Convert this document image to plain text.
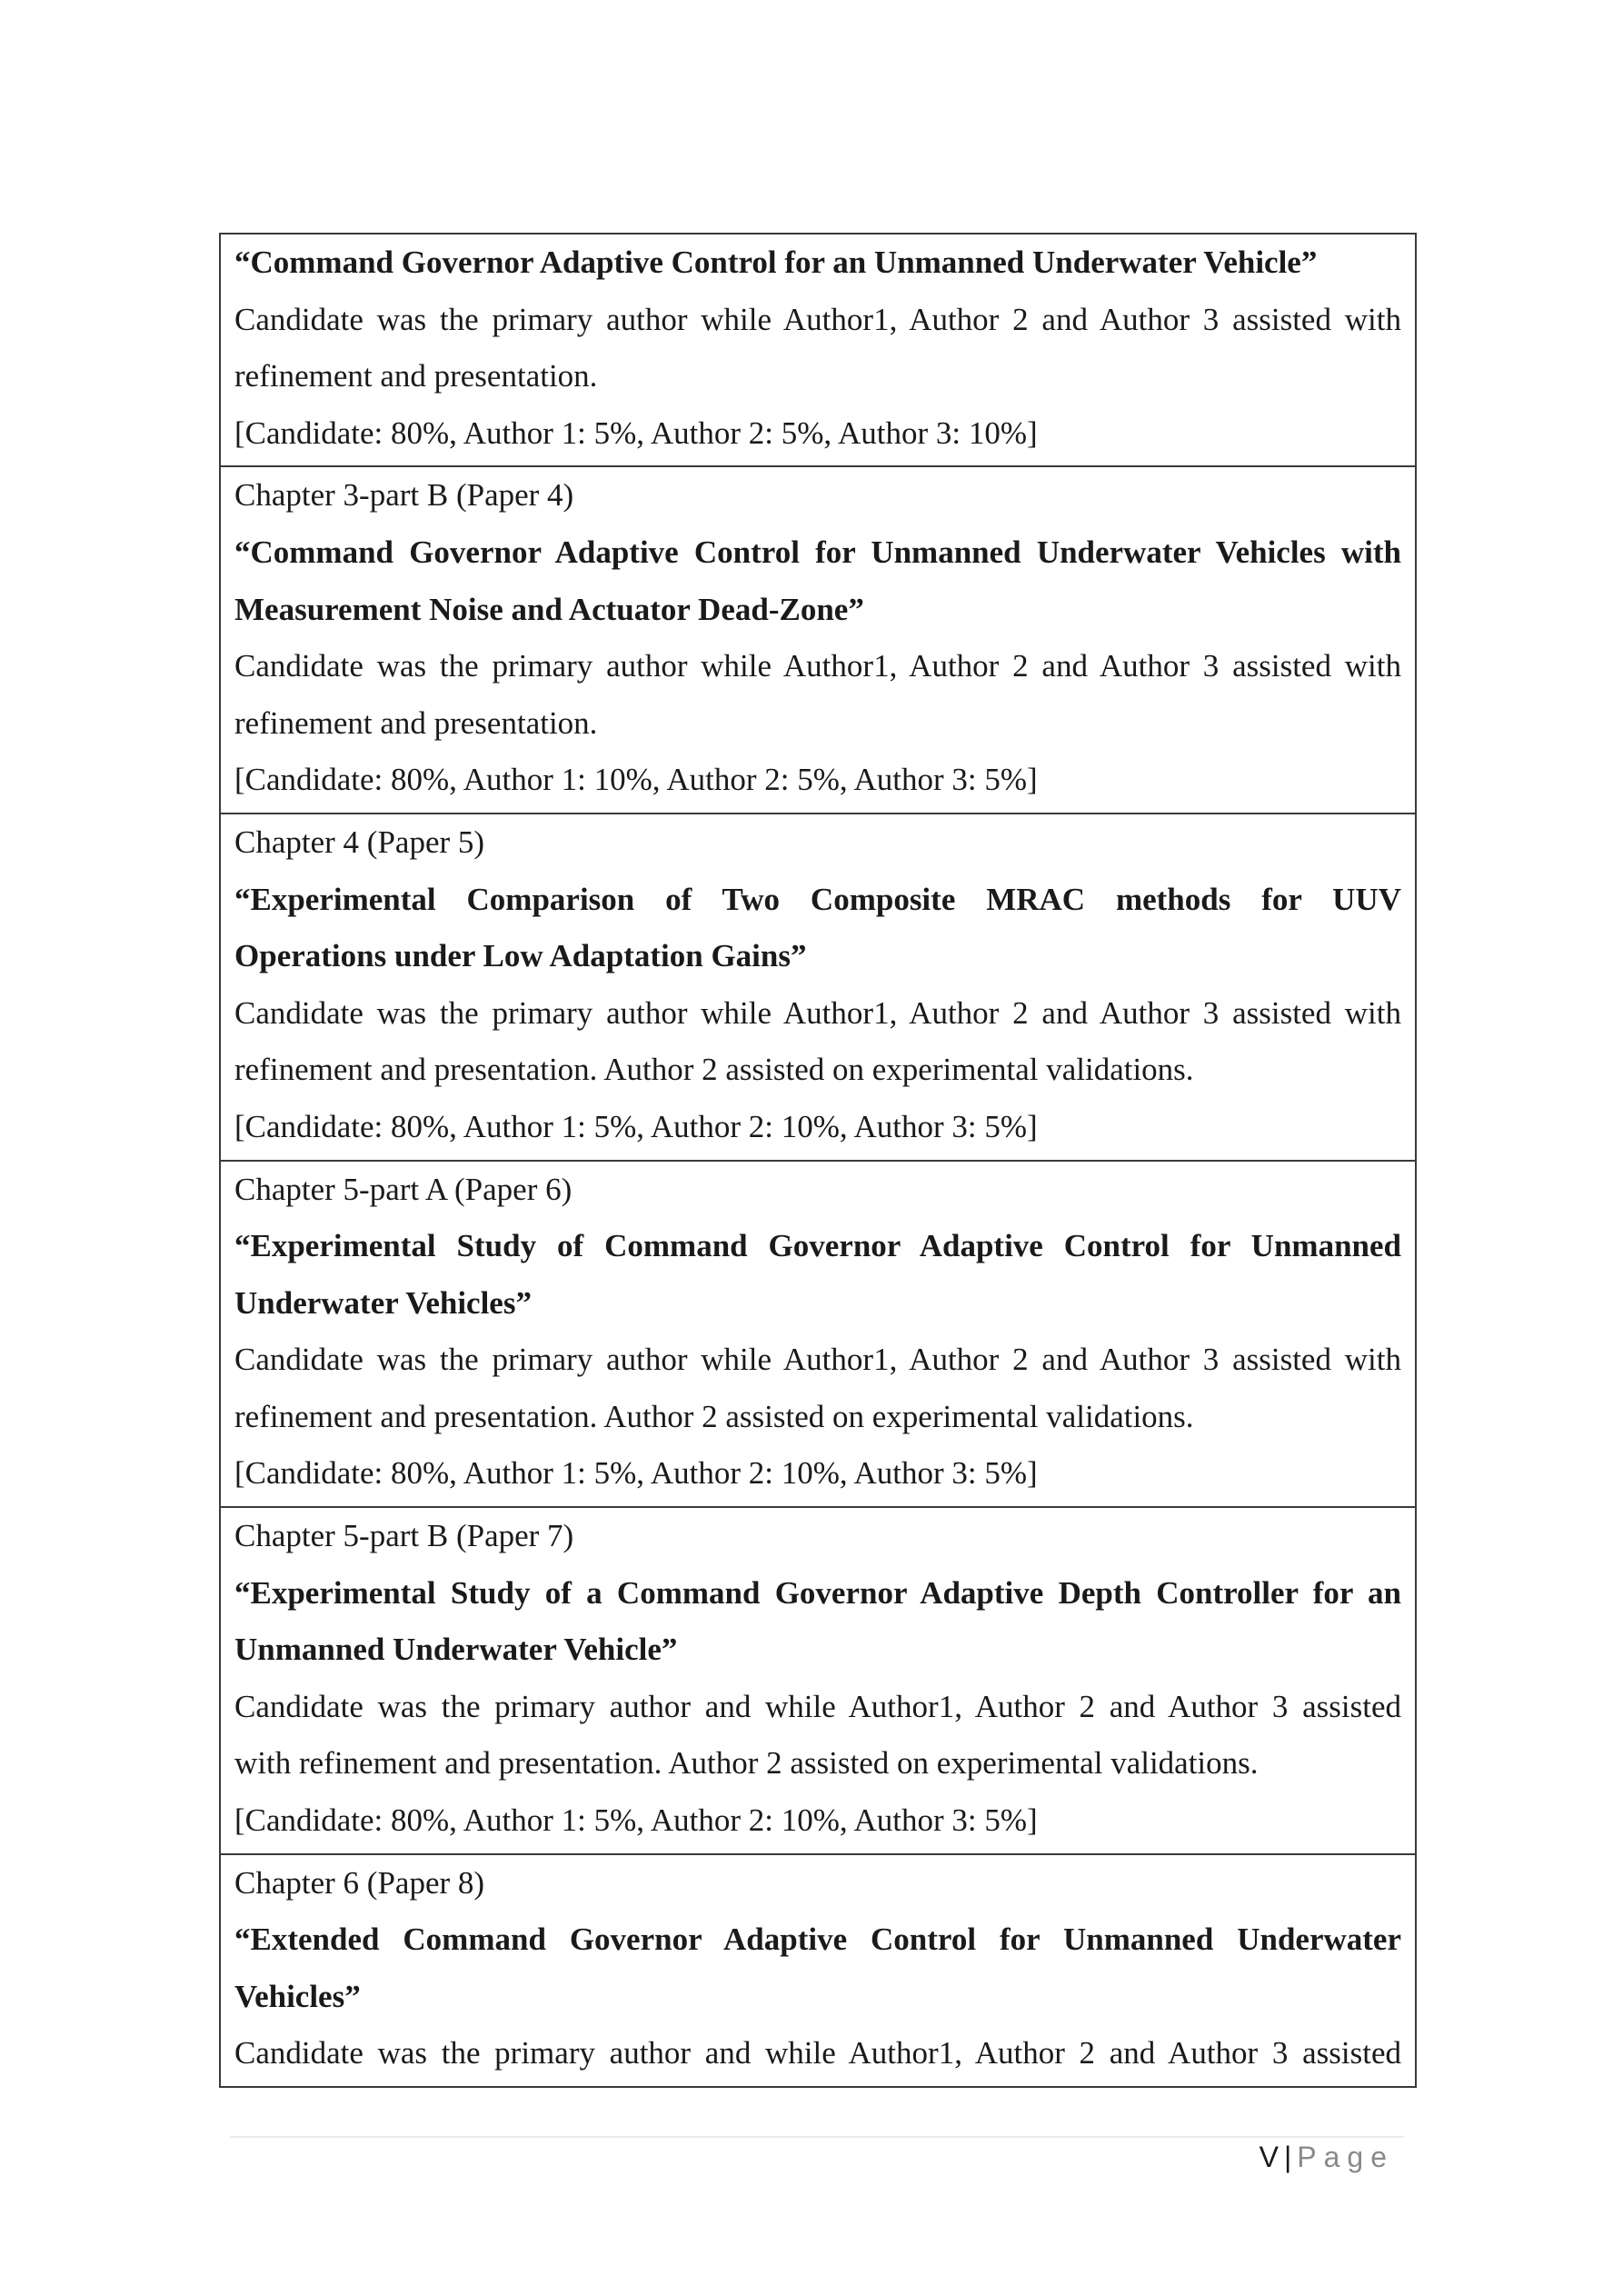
“Command Governor Adaptive Control for an Unmanned Underwater Vehicle”
Candidate was the primary author while Author1, Author 2 and Author 3 assisted with
refinement and presentation.
[Candidate: 80%, Author 1: 5%, Author 2: 5%, Author 3: 10%]

Chapter 3-part B (Paper 4)
“Command Governor Adaptive Control for Unmanned Underwater Vehicles with
Measurement Noise and Actuator Dead-Zone”
Candidate was the primary author while Author1, Author 2 and Author 3 assisted with
refinement and presentation.
[Candidate: 80%, Author 1: 10%, Author 2: 5%, Author 3: 5%]

Chapter 4 (Paper 5)
“Experimental Comparison of Two Composite MRAC methods for UUV
Operations under Low Adaptation Gains”
Candidate was the primary author while Author1, Author 2 and Author 3 assisted with
refinement and presentation. Author 2 assisted on experimental validations.
[Candidate: 80%, Author 1: 5%, Author 2: 10%, Author 3: 5%]

Chapter 5-part A (Paper 6)
“Experimental Study of Command Governor Adaptive Control for Unmanned
Underwater Vehicles”
Candidate was the primary author while Author1, Author 2 and Author 3 assisted with
refinement and presentation. Author 2 assisted on experimental validations.
[Candidate: 80%, Author 1: 5%, Author 2: 10%, Author 3: 5%]

Chapter 5-part B (Paper 7)
“Experimental Study of a Command Governor Adaptive Depth Controller for an
Unmanned Underwater Vehicle”
Candidate was the primary author and while Author1, Author 2 and Author 3 assisted
with refinement and presentation. Author 2 assisted on experimental validations.
[Candidate: 80%, Author 1: 5%, Author 2: 10%, Author 3: 5%]

Chapter 6 (Paper 8)
“Extended Command Governor Adaptive Control for Unmanned Underwater
Vehicles”
Candidate was the primary author and while Author1, Author 2 and Author 3 assisted
V | Page
